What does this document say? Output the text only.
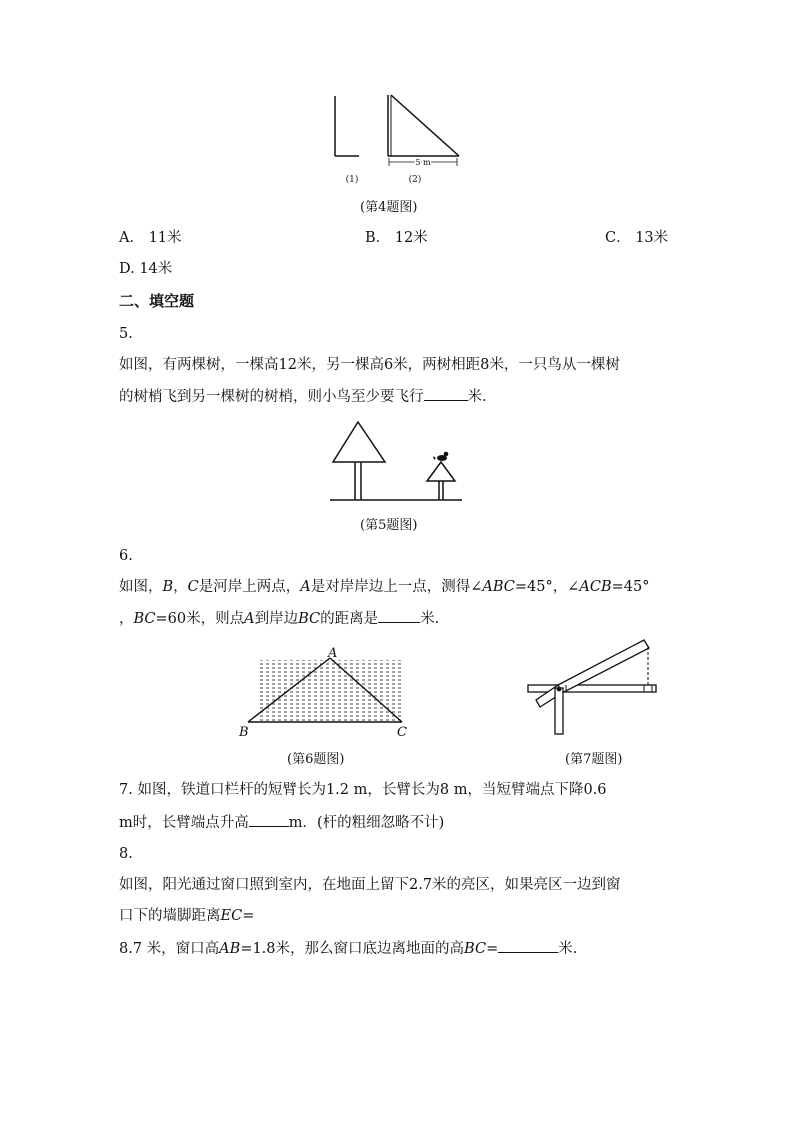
5 m
(1)	(2)
(第4题图)
A． 11米	B． 12米	C． 13米
D. 14米
二、填空题
5.
如图，有两棵树，一棵高12米，另一棵高6米，两树相距8米，一只鸟从一棵树
的树梢飞到另一棵树的树梢，则小鸟至少要飞行	米.
(第5题图)
6.
如图，B，C是河岸上两点，A是对岸岸边上一点，测得∠ABC=45°，∠ACB=45°
，BC=60米，则点A到岸边BC的距离是	米.
A
B	C
(第6题图)	(第7题图)
7. 如图，铁道口栏杆的短臂长为1.2 m，长臂长为8 m，当短臂端点下降0.6
m时，长臂端点升高	m．(杆的粗细忽略不计)
8.
如图，阳光通过窗口照到室内，在地面上留下2.7米的亮区，如果亮区一边到窗
口下的墙脚距离EC=
8.7 米，窗口高AB=1.8米，那么窗口底边离地面的高BC=	米.
